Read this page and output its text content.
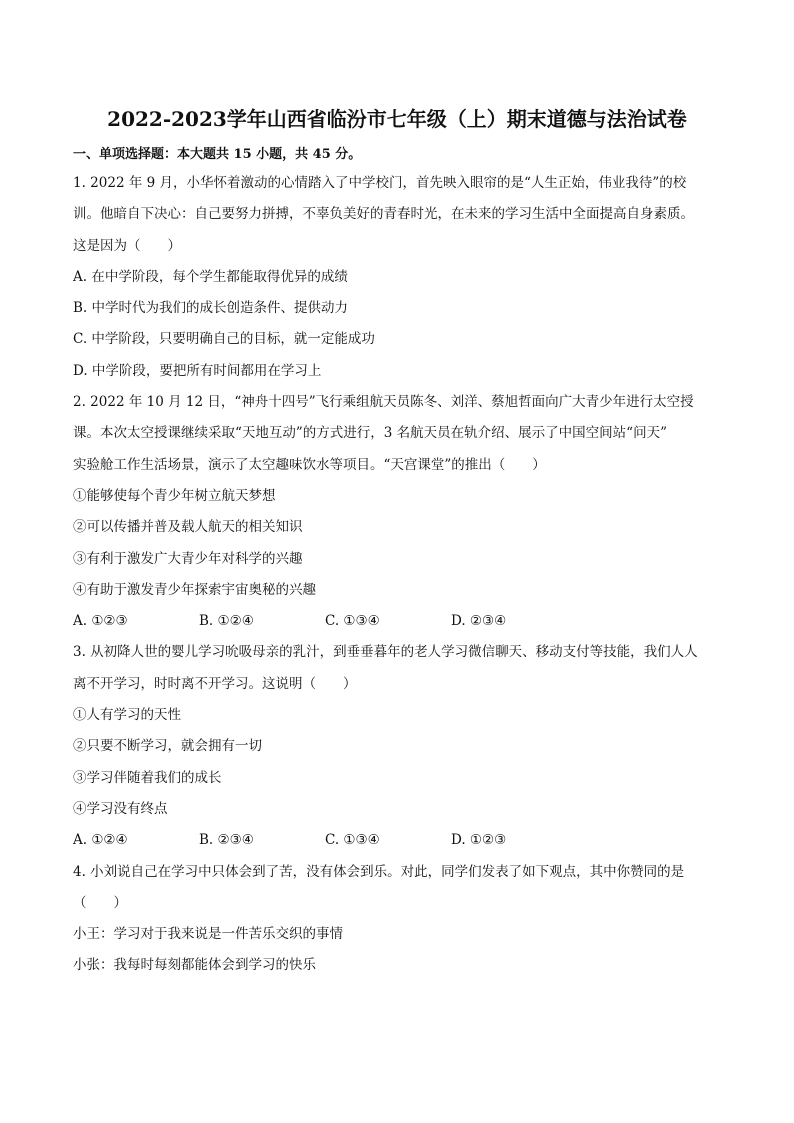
2022-2023学年山西省临汾市七年级（上）期末道德与法治试卷
一、单项选择题：本大题共 15 小题，共 45 分。
1. 2022 年 9 月，小华怀着激动的心情踏入了中学校门，首先映入眼帘的是“人生正始，伟业我待”的校
训。他暗自下决心：自己要努力拼搏，不辜负美好的青春时光，在未来的学习生活中全面提高自身素质。
这是因为（　　）
A. 在中学阶段，每个学生都能取得优异的成绩
B. 中学时代为我们的成长创造条件、提供动力
C. 中学阶段，只要明确自己的目标，就一定能成功
D. 中学阶段，要把所有时间都用在学习上
2. 2022 年 10 月 12 日，“神舟十四号”飞行乘组航天员陈冬、刘洋、蔡旭哲面向广大青少年进行太空授
课。本次太空授课继续采取“天地互动”的方式进行，3 名航天员在轨介绍、展示了中国空间站“问天”
实验舱工作生活场景，演示了太空趣味饮水等项目。“天宫课堂”的推出（　　）
①能够使每个青少年树立航天梦想
②可以传播并普及载人航天的相关知识
③有利于激发广大青少年对科学的兴趣
④有助于激发青少年探索宇宙奥秘的兴趣
A. ①②③	B. ①②④	C. ①③④	D. ②③④
3. 从初降人世的婴儿学习吮吸母亲的乳汁，到垂垂暮年的老人学习微信聊天、移动支付等技能，我们人人
离不开学习，时时离不开学习。这说明（　　）
①人有学习的天性
②只要不断学习，就会拥有一切
③学习伴随着我们的成长
④学习没有终点
A. ①②④	B. ②③④	C. ①③④	D. ①②③
4. 小刘说自己在学习中只体会到了苦，没有体会到乐。对此，同学们发表了如下观点，其中你赞同的是
（　　）
小王：学习对于我来说是一件苦乐交织的事情
小张：我每时每刻都能体会到学习的快乐
